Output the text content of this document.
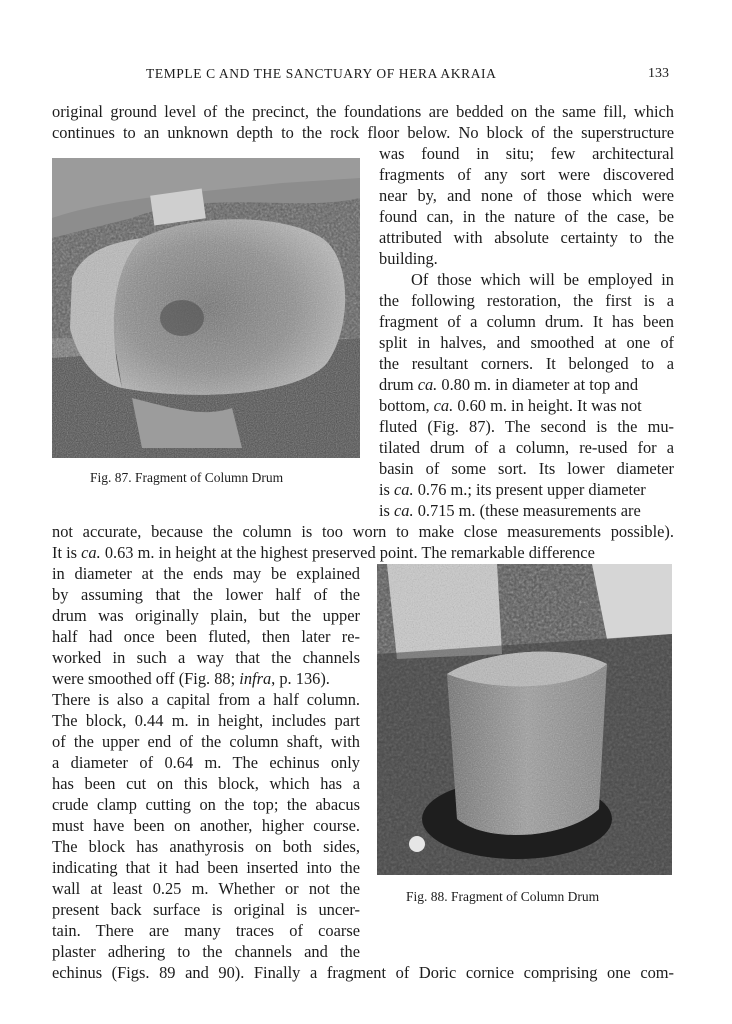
TEMPLE C AND THE SANCTUARY OF HERA AKRAIA	133
original ground level of the precinct, the foundations are bedded on the same fill, which
continues to an unknown depth to the rock floor below. No block of the superstructure
Fig. 87. Fragment of Column Drum
was found in situ; few architectural
fragments of any sort were discovered
near by, and none of those which were
found can, in the nature of the case, be
attributed with absolute certainty to the
building.
Of those which will be employed in
the following restoration, the first is a
fragment of a column drum. It has been
split in halves, and smoothed at one of
the resultant corners. It belonged to a
drum ca. 0.80 m. in diameter at top and
bottom, ca. 0.60 m. in height. It was not
fluted (Fig. 87). The second is the mu-
tilated drum of a column, re-used for a
basin of some sort. Its lower diameter
is ca. 0.76 m.; its present upper diameter
is ca. 0.715 m. (these measurements are
not accurate, because the column is too worn to make close measurements possible).
It is ca. 0.63 m. in height at the highest preserved point. The remarkable difference
in diameter at the ends may be explained
by assuming that the lower half of the
drum was originally plain, but the upper
half had once been fluted, then later re-
worked in such a way that the channels
were smoothed off (Fig. 88; infra, p. 136).
There is also a capital from a half column.
The block, 0.44 m. in height, includes part
of the upper end of the column shaft, with
a diameter of 0.64 m. The echinus only
has been cut on this block, which has a
crude clamp cutting on the top; the abacus
must have been on another, higher course.
The block has anathyrosis on both sides,
indicating that it had been inserted into the
wall at least 0.25 m. Whether or not the
present back surface is original is uncer-
tain. There are many traces of coarse
plaster adhering to the channels and the
echinus (Figs. 89 and 90). Finally a fragment of Doric cornice comprising one com-
Fig. 88. Fragment of Column Drum
